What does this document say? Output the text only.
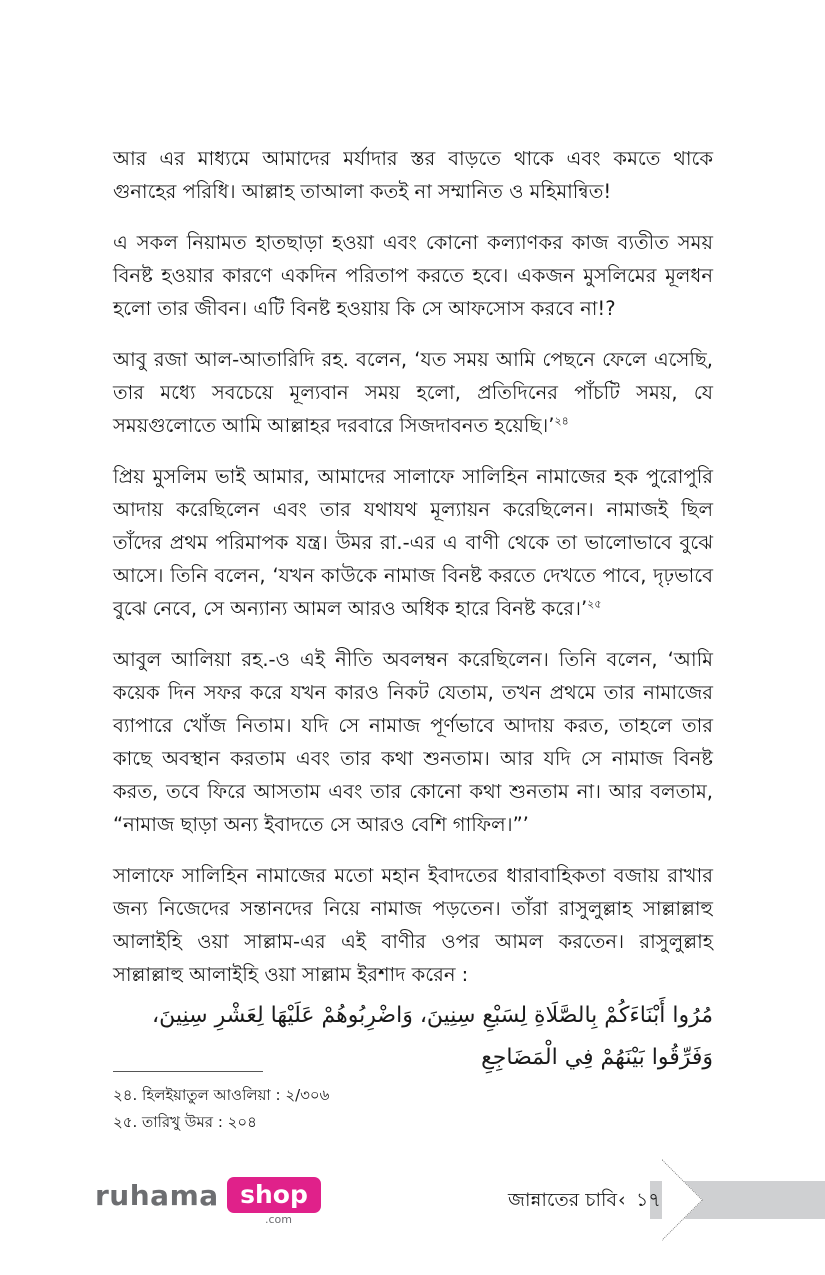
আর এর মাধ্যমে আমাদের মর্যাদার স্তর বাড়তে থাকে এবং কমতে থাকে গুনাহের পরিধি। আল্লাহ তাআলা কতই না সম্মানিত ও মহিমান্বিত!

এ সকল নিয়ামত হাতছাড়া হওয়া এবং কোনো কল্যাণকর কাজ ব্যতীত সময় বিনষ্ট হওয়ার কারণে একদিন পরিতাপ করতে হবে। একজন মুসলিমের মূলধন হলো তার জীবন। এটি বিনষ্ট হওয়ায় কি সে আফসোস করবে না!?

আবু রজা আল-আতারিদি রহ. বলেন, ‘যত সময় আমি পেছনে ফেলে এসেছি, তার মধ্যে সবচেয়ে মূল্যবান সময় হলো, প্রতিদিনের পাঁচটি সময়, যে সময়গুলোতে আমি আল্লাহর দরবারে সিজদাবনত হয়েছি।’$^{২৪}$

প্রিয় মুসলিম ভাই আমার, আমাদের সালাফে সালিহিন নামাজের হক পুরোপুরি আদায় করেছিলেন এবং তার যথাযথ মূল্যায়ন করেছিলেন। নামাজই ছিল তাঁদের প্রথম পরিমাপক যন্ত্র। উমর রা.-এর এ বাণী থেকে তা ভালোভাবে বুঝে আসে। তিনি বলেন, ‘যখন কাউকে নামাজ বিনষ্ট করতে দেখতে পাবে, দৃঢ়ভাবে বুঝে নেবে, সে অন্যান্য আমল আরও অধিক হারে বিনষ্ট করে।’$^{২৫}$

আবুল আলিয়া রহ.-ও এই নীতি অবলম্বন করেছিলেন। তিনি বলেন, ‘আমি কয়েক দিন সফর করে যখন কারও নিকট যেতাম, তখন প্রথমে তার নামাজের ব্যাপারে খোঁজ নিতাম। যদি সে নামাজ পূর্ণভাবে আদায় করত, তাহলে তার কাছে অবস্থান করতাম এবং তার কথা শুনতাম। আর যদি সে নামাজ বিনষ্ট করত, তবে ফিরে আসতাম এবং তার কোনো কথা শুনতাম না। আর বলতাম, “নামাজ ছাড়া অন্য ইবাদতে সে আরও বেশি গাফিল।”’

সালাফে সালিহিন নামাজের মতো মহান ইবাদতের ধারাবাহিকতা বজায় রাখার জন্য নিজেদের সন্তানদের নিয়ে নামাজ পড়তেন। তাঁরা রাসুলুল্লাহ সাল্লাল্লাহু আলাইহি ওয়া সাল্লাম-এর এই বাণীর ওপর আমল করতেন। রাসুলুল্লাহ সাল্লাল্লাহু আলাইহি ওয়া সাল্লাম ইরশাদ করেন :

مُرُوا أَبْنَاءَكُمْ بِالصَّلَاةِ لِسَبْعِ سِنِينَ، وَاضْرِبُوهُمْ عَلَيْهَا لِعَشْرِ سِنِينَ،
وَفَرِّقُوا بَيْنَهُمْ فِي الْمَضَاجِعِ
২৪. হিলইয়াতুল আওলিয়া : ২/৩০৬
২৫. তারিখু উমর : ২০৪
ruhama shop
.com
জান্নাতের চাবি ‹ ১৭
